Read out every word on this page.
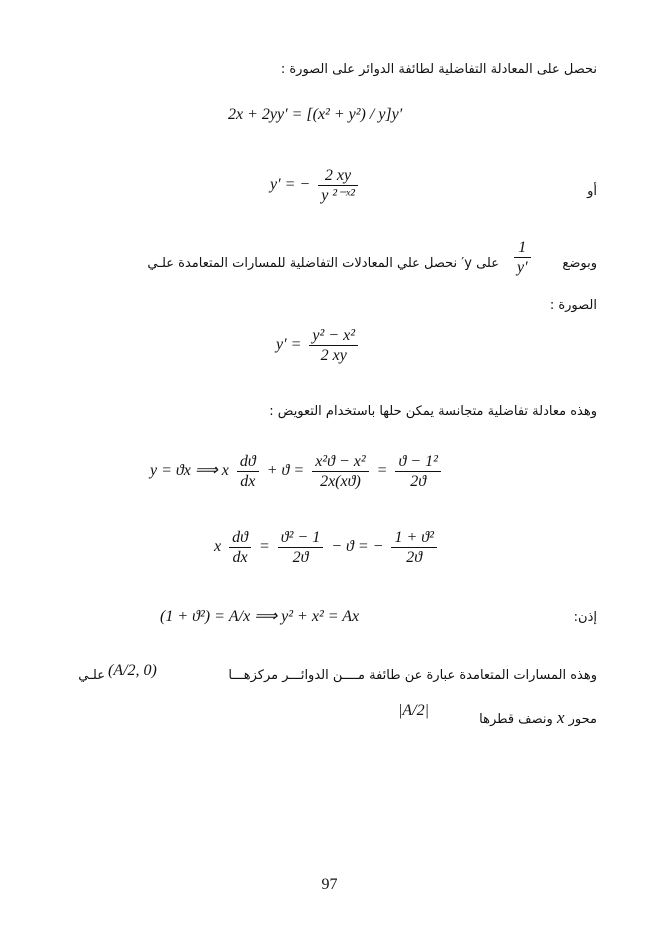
نحصل على المعادلة التفاضلية لطائفة الدوائر على الصورة :
2x + 2yy′ = [(x² + y²) / y]y′
أو
y′ = − $\frac{2 xy}{\text{y ²⁻ˣ²}}$
وبوضع
$\frac{1}{y'}$
على y′ نحصل علي المعادلات التفاضلية للمسارات المتعامدة علـي
الصورة :
$y' = \frac{\text{y² − x²}}{2 xy}$
وهذه معادلة تفاضلية متجانسة يمكن حلها باستخدام التعويض :
y = ϑx ⟹ x $\frac{dϑ}{dx} + ϑ = \frac{\text{x²ϑ − x²}}{2x(xϑ)} = \frac{\text{ϑ − 1²}}{2ϑ}$
x $\frac{dϑ}{dx} = \frac{\text{ϑ² − 1}}{2ϑ} - ϑ$ = − $\frac{\text{1 + ϑ²}}{2ϑ}$
إذن:
(1 + ϑ²) = A/x ⟹ y² + x² = Ax
وهذه المسارات المتعامدة عبارة عن طائفة مــــن الدوائـــر مركزهـــا
(A/2, 0)
علـي
محور x ونصف قطرها
|A/2|
97
